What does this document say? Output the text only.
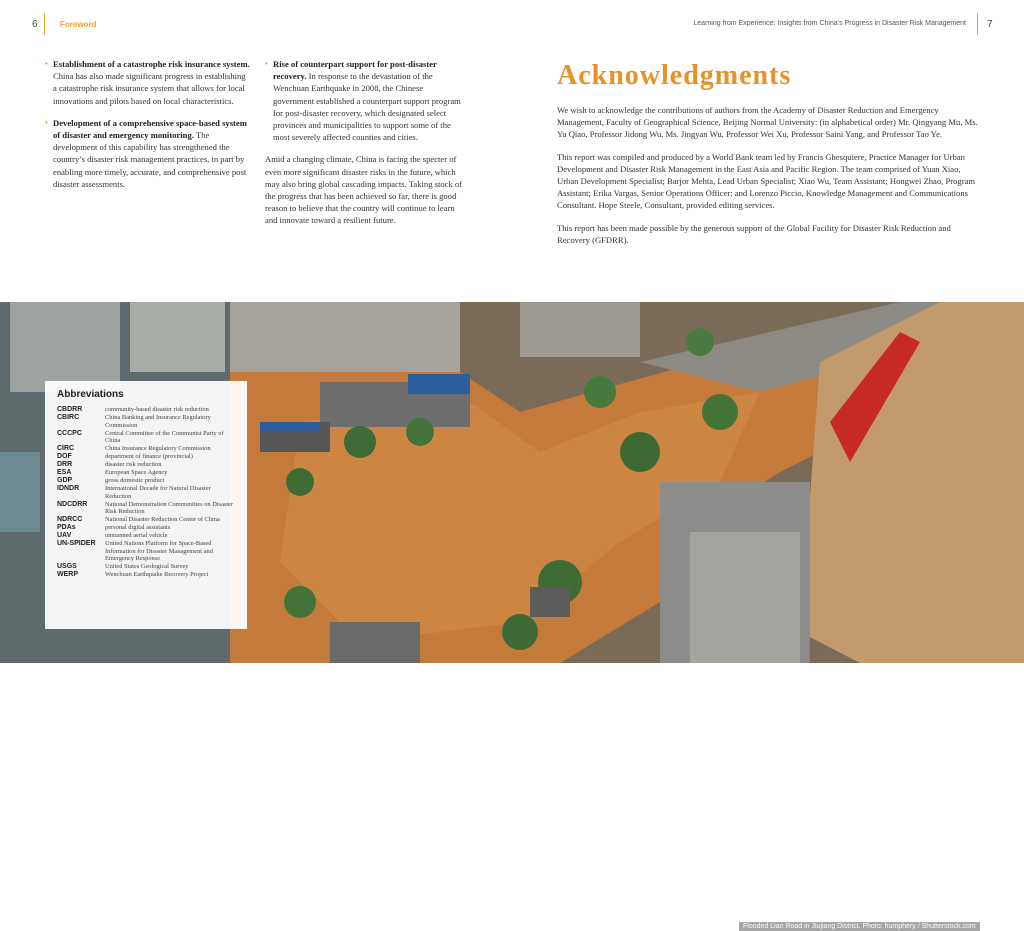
6	Foreword	Learning from Experience: Insights from China’s Progress in Disaster Risk Management 7
• Establishment of a catastrophe risk insurance system. China has also made significant progress in establishing a catastrophe risk insurance system that allows for local innovations and pilots based on local characteristics.
• Development of a comprehensive space-based system of disaster and emergency monitoring. The development of this capability has strengthened the country’s disaster risk management practices, in part by enabling more timely, accurate, and comprehensive post disaster assessments.
• Rise of counterpart support for post-disaster recovery. In response to the devastation of the Wenchuan Earthquake in 2008, the Chinese government established a counterpart support program for post-disaster recovery, which designated select provinces and municipalities to support some of the most severely affected counties and cities.

Amid a changing climate, China is facing the specter of even more significant disaster risks in the future, which may also bring global cascading impacts. Taking stock of the progress that has been achieved so far, there is good reason to believe that the country will continue to learn and innovate toward a resilient future.

Acknowledgments

We wish to acknowledge the contributions of authors from the Academy of Disaster Reduction and Emergency Management, Faculty of Geographical Science, Beijing Normal University: (in alphabetical order) Mr. Qingyang Mu, Ms. Yu Qiao, Professor Jidong Wu, Ms. Jingyan Wu, Professor Wei Xu, Professor Saini Yang, and Professor Tao Ye.

This report was compiled and produced by a World Bank team led by Francis Ghesquiere, Practice Manager for Urban Development and Disaster Risk Management in the East Asia and Pacific Region. The team comprised of Yuan Xiao, Urban Development Specialist; Barjor Mehta, Lead Urban Specialist; Xiao Wu, Team Assistant; Hongwei Zhao, Program Assistant; Erika Vargas, Senior Operations Officer; and Lorenzo Piccio, Knowledge Management and Communications Consultant. Hope Steele, Consultant, provided editing services.

This report has been made possible by the generous support of the Global Facility for Disaster Risk Reduction and Recovery (GFDRR).

Flooded Lian Road in Jiujiang District. Photo: humphery / Shutterstock.com
Abbreviations
CBDRR	community-based disaster risk reduction
CBIRC	China Banking and Insurance Regulatory Commission
CCCPC	Central Committee of the Communist Party of China
CIRC	China Insurance Regulatory Commission
DOF	department of finance (provincial)
DRR	disaster risk reduction
ESA	European Space Agency
GDP	gross domestic product
IDNDR	International Decade for Natural Disaster Reduction
NDCDRR	National Demonstration Communities on Disaster Risk Reduction
NDRCC	National Disaster Reduction Center of China
PDAs	personal digital assistants
UAV	unmanned aerial vehicle
UN-SPIDER	United Nations Platform for Space-Based Information for Disaster Management and Emergency Response
USGS	United States Geological Survey
WERP	Wenchuan Earthquake Recovery Project
